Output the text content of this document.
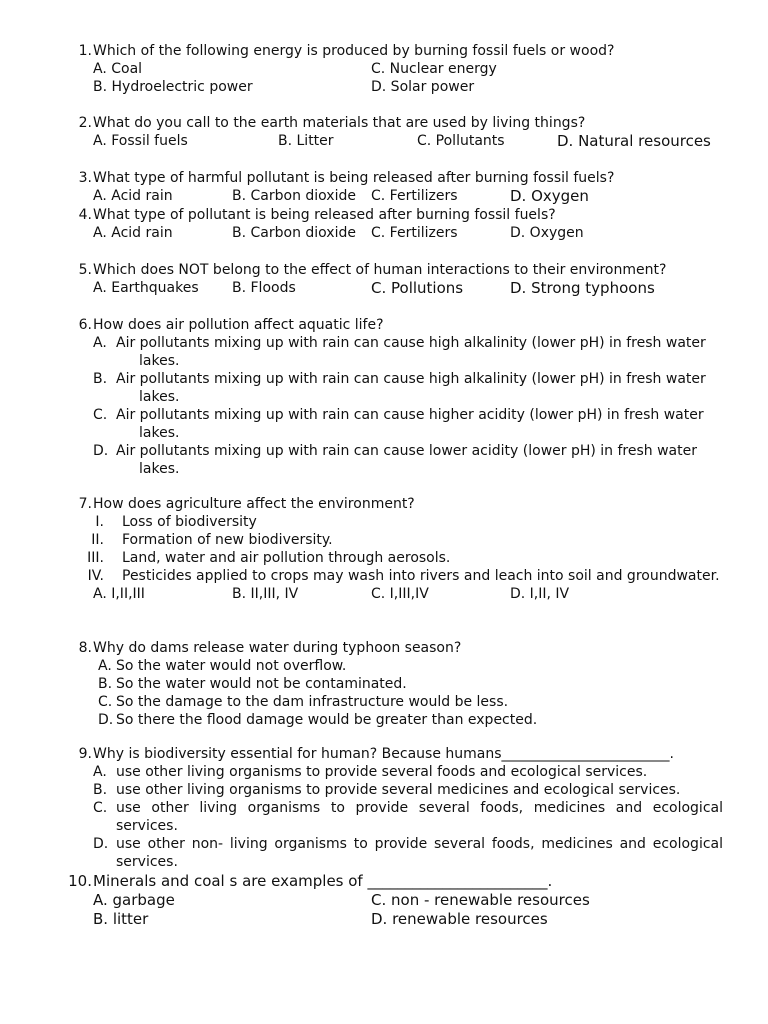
1. Which of the following energy is produced by burning fossil fuels or wood?
A. Coal	C. Nuclear energy
B. Hydroelectric power	D. Solar power
2. What do you call to the earth materials that are used by living things?
A. Fossil fuels	B. Litter	C. Pollutants	D. Natural resources
3. What type of harmful pollutant is being released after burning fossil fuels?
A. Acid rain	B. Carbon dioxide C. Fertilizers	D. Oxygen
4. What type of pollutant is being released after burning fossil fuels?
A. Acid rain	B. Carbon dioxide C. Fertilizers	D. Oxygen
5. Which does NOT belong to the effect of human interactions to their environment?
A. Earthquakes B. Floods	C. Pollutions	D. Strong typhoons
6. How does air pollution affect aquatic life?
A. Air pollutants mixing up with rain can cause high alkalinity (lower pH) in fresh water
lakes.
B. Air pollutants mixing up with rain can cause high alkalinity (lower pH) in fresh water
lakes.
C. Air pollutants mixing up with rain can cause higher acidity (lower pH) in fresh water
lakes.
D. Air pollutants mixing up with rain can cause lower acidity (lower pH) in fresh water
lakes.
7. How does agriculture affect the environment?
I. Loss of biodiversity
II. Formation of new biodiversity.
III. Land, water and air pollution through aerosols.
IV. Pesticides applied to crops may wash into rivers and leach into soil and groundwater.
A. I,II,III	B. II,III, IV	C. I,III,IV	D. I,II, IV
8. Why do dams release water during typhoon season?
A. So the water would not overflow.
B. So the water would not be contaminated.
C. So the damage to the dam infrastructure would be less.
D. So there the flood damage would be greater than expected.
9. Why is biodiversity essential for human? Because humans________________________.
A. use other living organisms to provide several foods and ecological services.
B. use other living organisms to provide several medicines and ecological services.
C. use other living organisms to provide several foods, medicines and ecological services.
D. use other non- living organisms to provide several foods, medicines and ecological services.
10. Minerals and coal s are examples of ________________________.
A. garbage	C. non - renewable resources
B. litter	D. renewable resources
